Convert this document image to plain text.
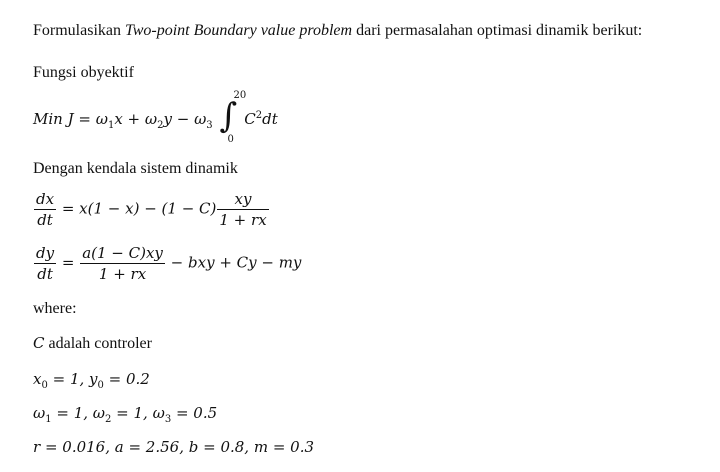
Formulasikan Two-point Boundary value problem dari permasalahan optimasi dinamik berikut:
Fungsi obyektif
Min $J = \omega_1x + \omega_2y - \omega_3$ ∫
20
0
$C^2dt$
Dengan kendala sistem dinamik
$\frac{dx}{dt} = x(1 - x) - (1 - C) \frac{xy}{1 + rx}$
$\frac{dy}{dt} = \frac{a(1 - C)xy}{1 + rx}$ − bxy + Cy − my
where:
C adalah controler
$x_0 = 1$, $y_0 = 0.2$
$\omega_1 = 1$, $\omega_2 = 1$, $\omega_3 = 0.5$
r = 0.016, a = 2.56, b = 0.8, m = 0.3
